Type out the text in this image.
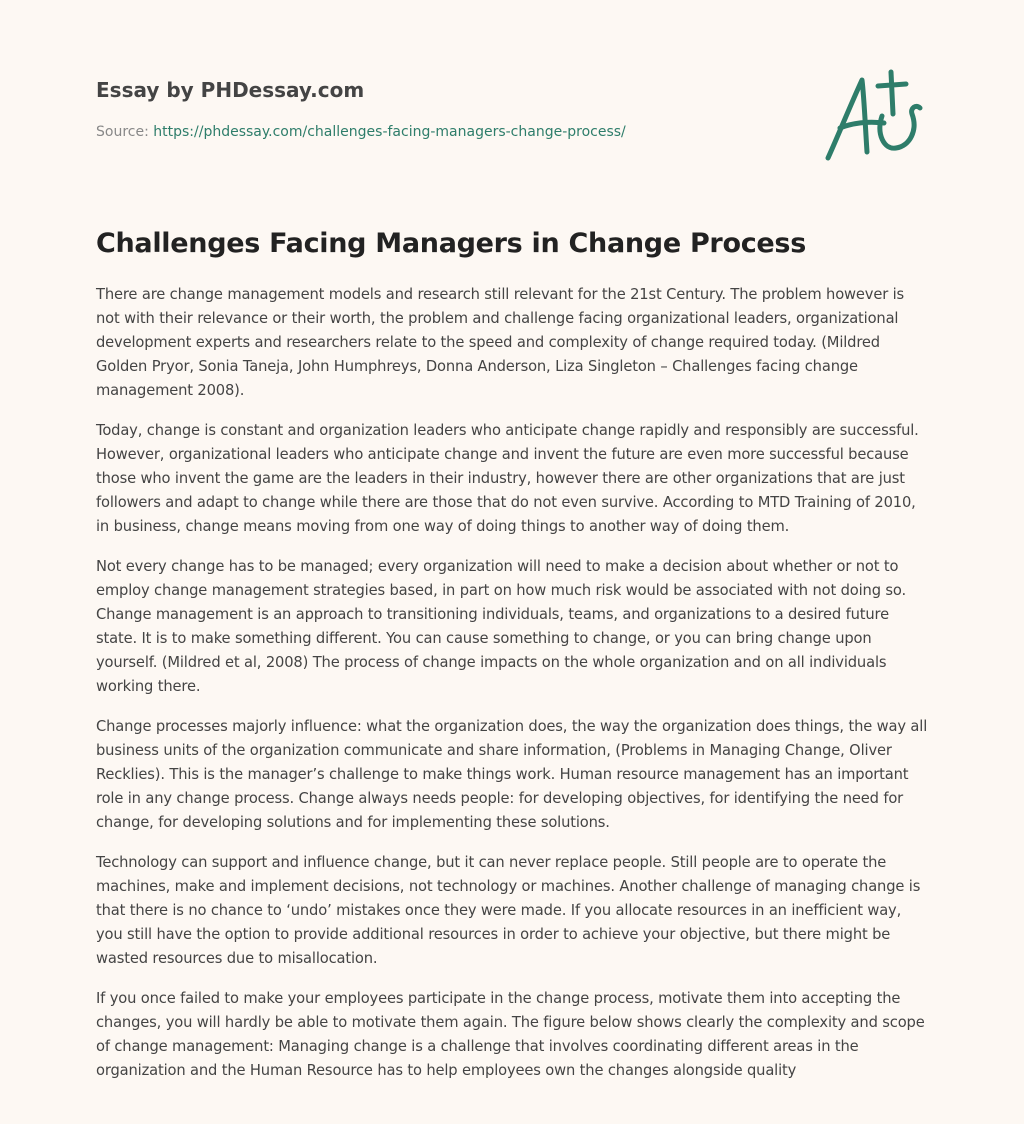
Essay by PHDessay.com
Source: https://phdessay.com/challenges-facing-managers-change-process/
Challenges Facing Managers in Change Process

There are change management models and research still relevant for the 21st Century. The problem however is not with their relevance or their worth, the problem and challenge facing organizational leaders, organizational development experts and researchers relate to the speed and complexity of change required today. (Mildred Golden Pryor, Sonia Taneja, John Humphreys, Donna Anderson, Liza Singleton – Challenges facing change management 2008).

Today, change is constant and organization leaders who anticipate change rapidly and responsibly are successful. However, organizational leaders who anticipate change and invent the future are even more successful because those who invent the game are the leaders in their industry, however there are other organizations that are just followers and adapt to change while there are those that do not even survive. According to MTD Training of 2010, in business, change means moving from one way of doing things to another way of doing them.

Not every change has to be managed; every organization will need to make a decision about whether or not to employ change management strategies based, in part on how much risk would be associated with not doing so. Change management is an approach to transitioning individuals, teams, and organizations to a desired future state. It is to make something different. You can cause something to change, or you can bring change upon yourself. (Mildred et al, 2008) The process of change impacts on the whole organization and on all individuals working there.

Change processes majorly influence: what the organization does, the way the organization does things, the way all business units of the organization communicate and share information, (Problems in Managing Change, Oliver Recklies). This is the manager’s challenge to make things work. Human resource management has an important role in any change process. Change always needs people: for developing objectives, for identifying the need for change, for developing solutions and for implementing these solutions.

Technology can support and influence change, but it can never replace people. Still people are to operate the machines, make and implement decisions, not technology or machines. Another challenge of managing change is that there is no chance to ‘undo’ mistakes once they were made. If you allocate resources in an inefficient way, you still have the option to provide additional resources in order to achieve your objective, but there might be wasted resources due to misallocation.

If you once failed to make your employees participate in the change process, motivate them into accepting the changes, you will hardly be able to motivate them again. The figure below shows clearly the complexity and scope of change management: Managing change is a challenge that involves coordinating different areas in the organization and the Human Resource has to help employees own the changes alongside quality
